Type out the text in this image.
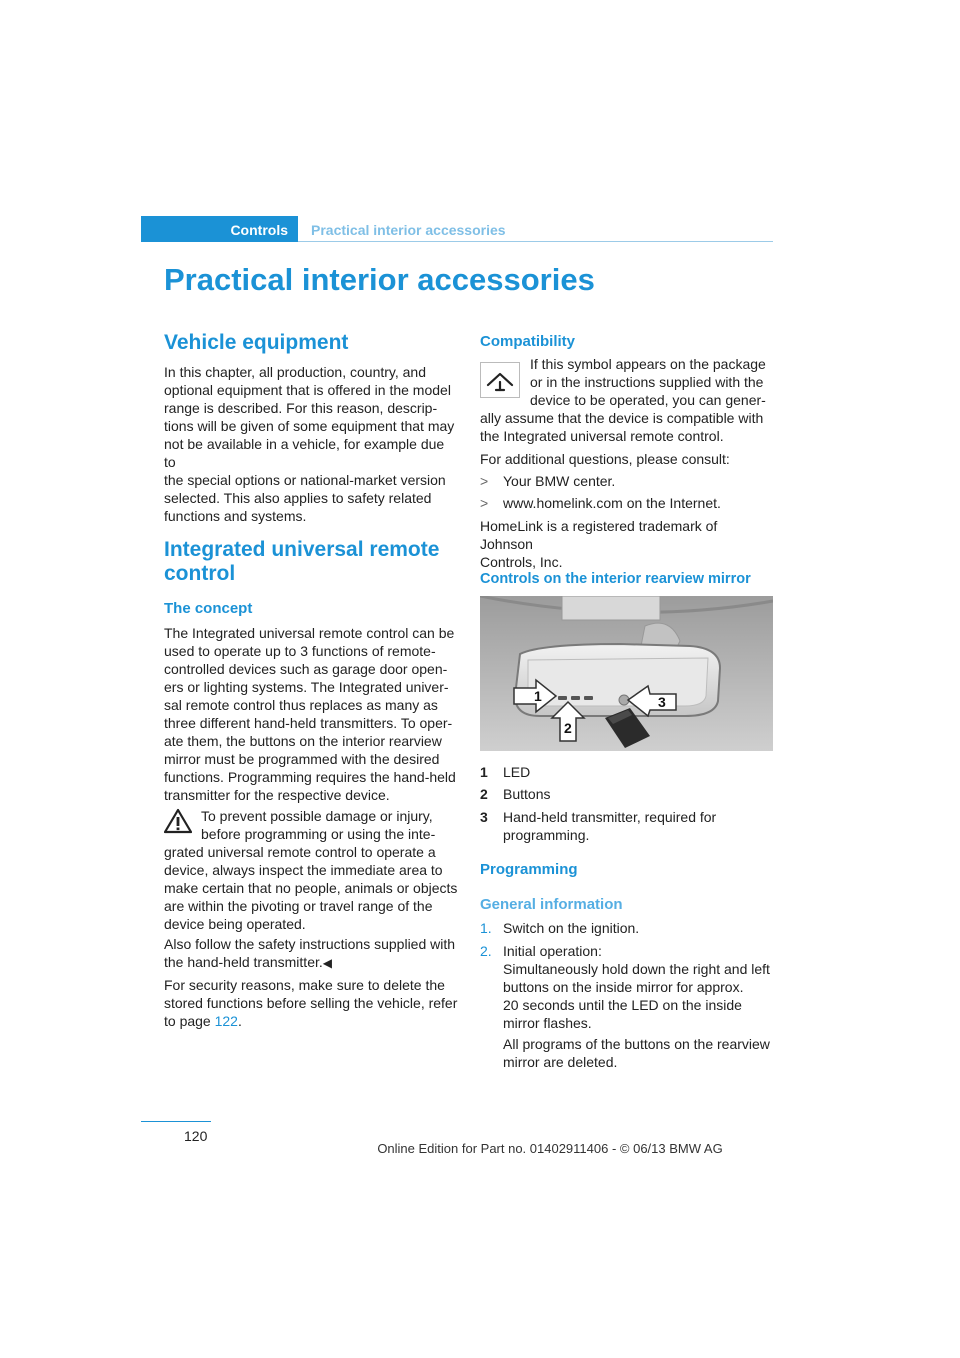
Controls	Practical interior accessories
Practical interior accessories
Vehicle equipment

In this chapter, all production, country, and

optional equipment that is offered in the model

range is described. For this reason, descrip-

tions will be given of some equipment that may

not be available in a vehicle, for example due to

the special options or national-market version

selected. This also applies to safety related

functions and systems.

Integrated universal remote
control
The concept

The Integrated universal remote control can be

used to operate up to 3 functions of remote-

controlled devices such as garage door open-

ers or lighting systems. The Integrated univer-

sal remote control thus replaces as many as

three different hand-held transmitters. To oper-

ate them, the buttons on the interior rearview

mirror must be programmed with the desired

functions. Programming requires the hand-held

transmitter for the respective device.

To prevent possible damage or injury,

before programming or using the inte-

grated universal remote control to operate a

device, always inspect the immediate area to

make certain that no people, animals or objects

are within the pivoting or travel range of the

device being operated.

Also follow the safety instructions supplied with

the hand-held transmitter.◀

For security reasons, make sure to delete the

stored functions before selling the vehicle, refer

to page 122.

Compatibility

If this symbol appears on the package

or in the instructions supplied with the

device to be operated, you can gener-

ally assume that the device is compatible with

the Integrated universal remote control.

For additional questions, please consult:

> Your BMW center.

> www.homelink.com on the Internet.

HomeLink is a registered trademark of Johnson

Controls, Inc.

Controls on the interior rearview mirror
1
2
3
1 LED

2 Buttons

3 Hand-held transmitter, required for

programming.

Programming
General information
1. Switch on the ignition.

2. Initial operation:

Simultaneously hold down the right and left

buttons on the inside mirror for approx.

20 seconds until the LED on the inside

mirror flashes.

All programs of the buttons on the rearview

mirror are deleted.

120
Online Edition for Part no. 01402911406 - © 06/13 BMW AG
